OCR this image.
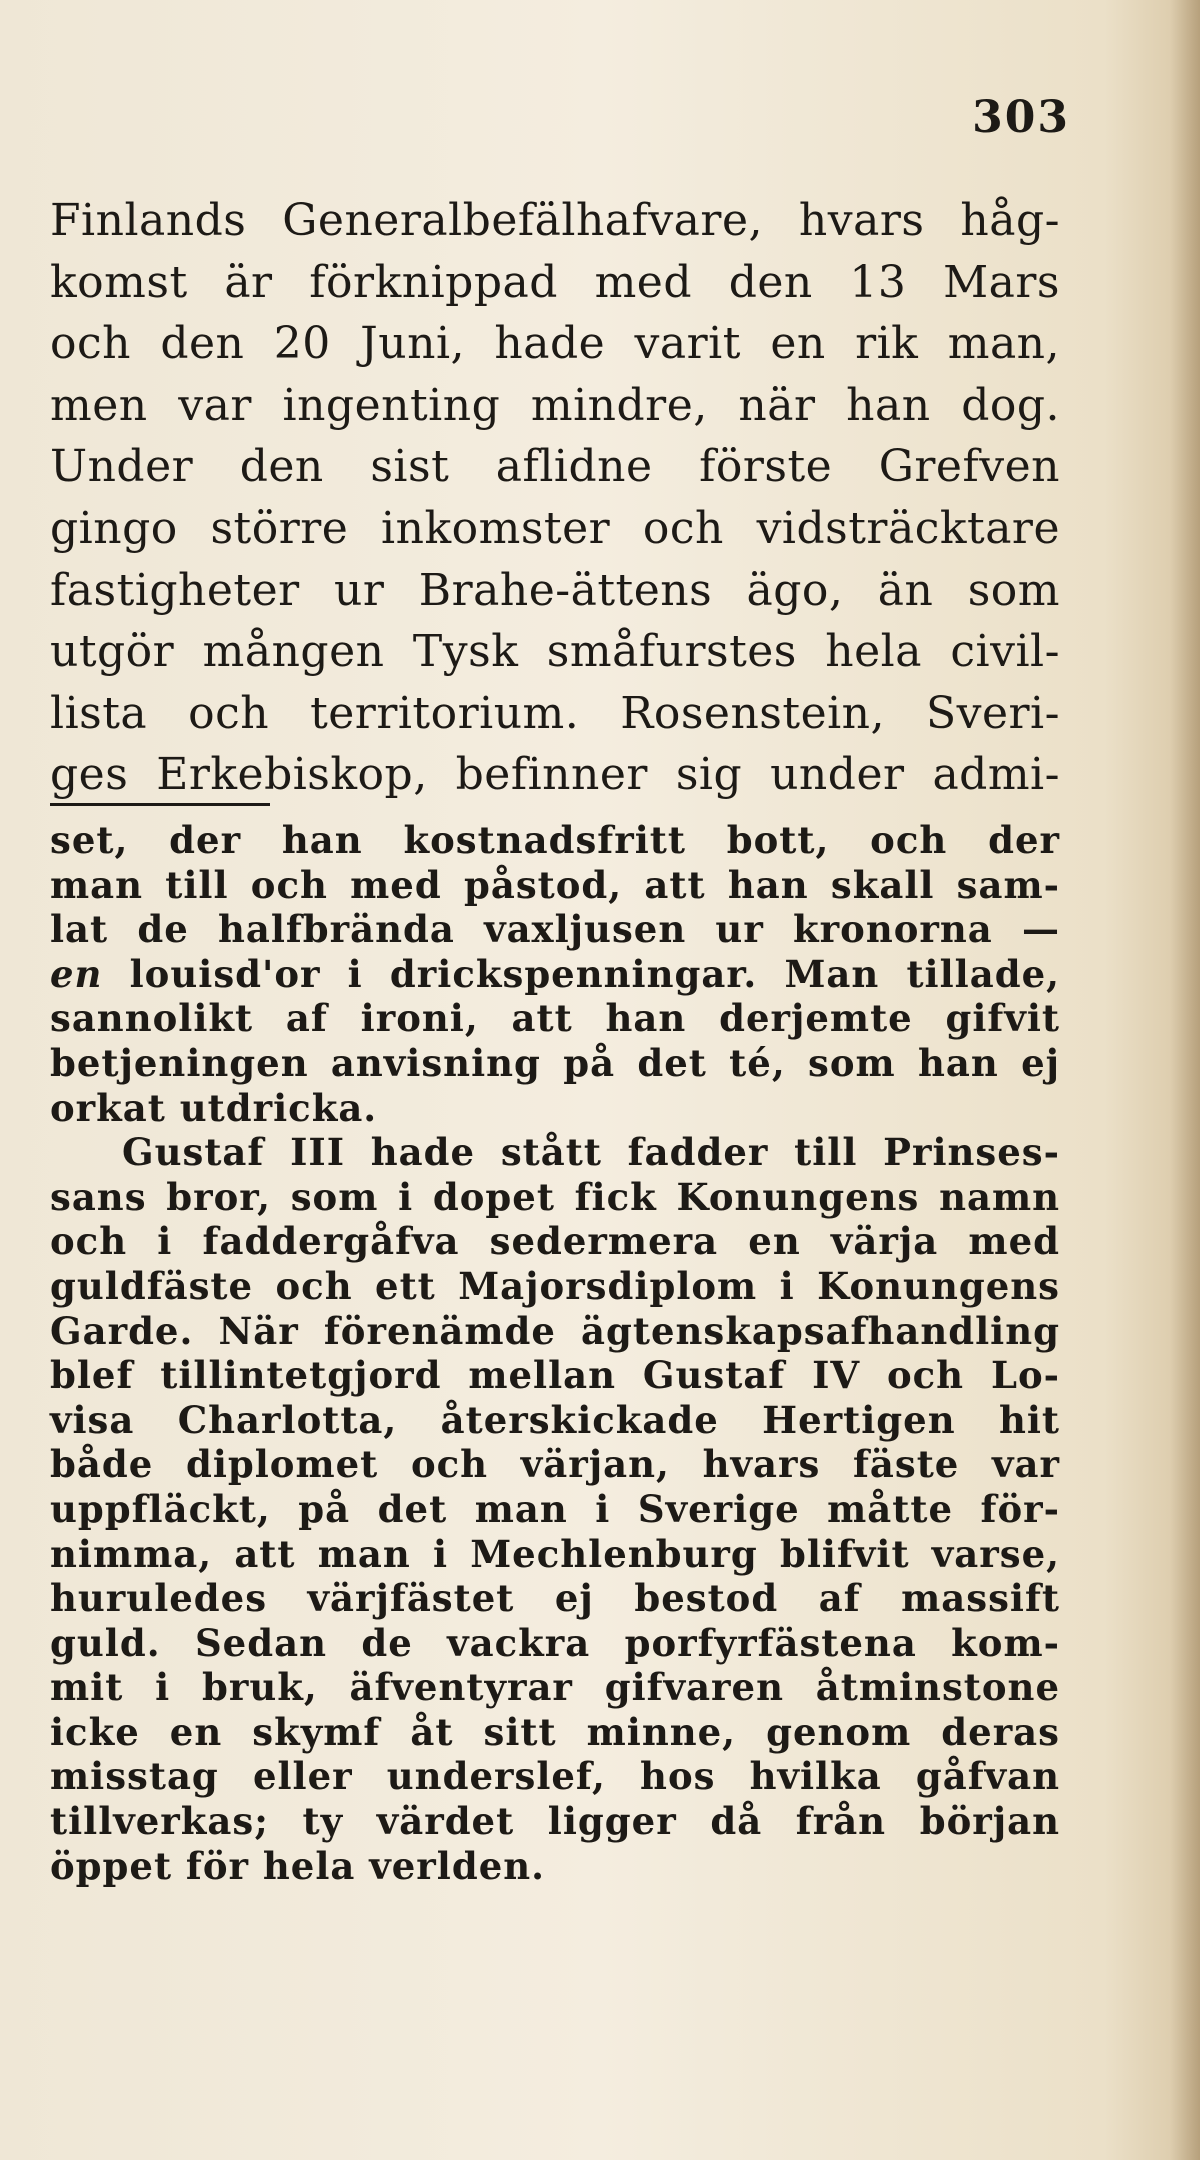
303
Finlands Generalbefälhafvare, hvars håg-
komst är förknippad med den 13 Mars
och den 20 Juni, hade varit en rik man,
men var ingenting mindre, när han dog.
Under den sist aflidne förste Grefven
gingo större inkomster och vidsträcktare
fastigheter ur Brahe-ättens ägo, än som
utgör mången Tysk småfurstes hela civil-
lista och territorium. Rosenstein, Sveri-
ges Erkebiskop, befinner sig under admi-
set, der han kostnadsfritt bott, och der
man till och med påstod, att han skall sam-
lat de halfbrända vaxljusen ur kronorna —
en louisd'or i drickspenningar. Man tillade,
sannolikt af ironi, att han derjemte gifvit
betjeningen anvisning på det té, som han ej
orkat utdricka.
Gustaf III hade stått fadder till Prinses-
sans bror, som i dopet fick Konungens namn
och i faddergåfva sedermera en värja med
guldfäste och ett Majorsdiplom i Konungens
Garde. När förenämde ägtenskapsafhandling
blef tillintetgjord mellan Gustaf IV och Lo-
visa Charlotta, återskickade Hertigen hit
både diplomet och värjan, hvars fäste var
uppfläckt, på det man i Sverige måtte för-
nimma, att man i Mechlenburg blifvit varse,
huruledes värjfästet ej bestod af massift
guld. Sedan de vackra porfyrfästena kom-
mit i bruk, äfventyrar gifvaren åtminstone
icke en skymf åt sitt minne, genom deras
misstag eller underslef, hos hvilka gåfvan
tillverkas; ty värdet ligger då från början
öppet för hela verlden.
